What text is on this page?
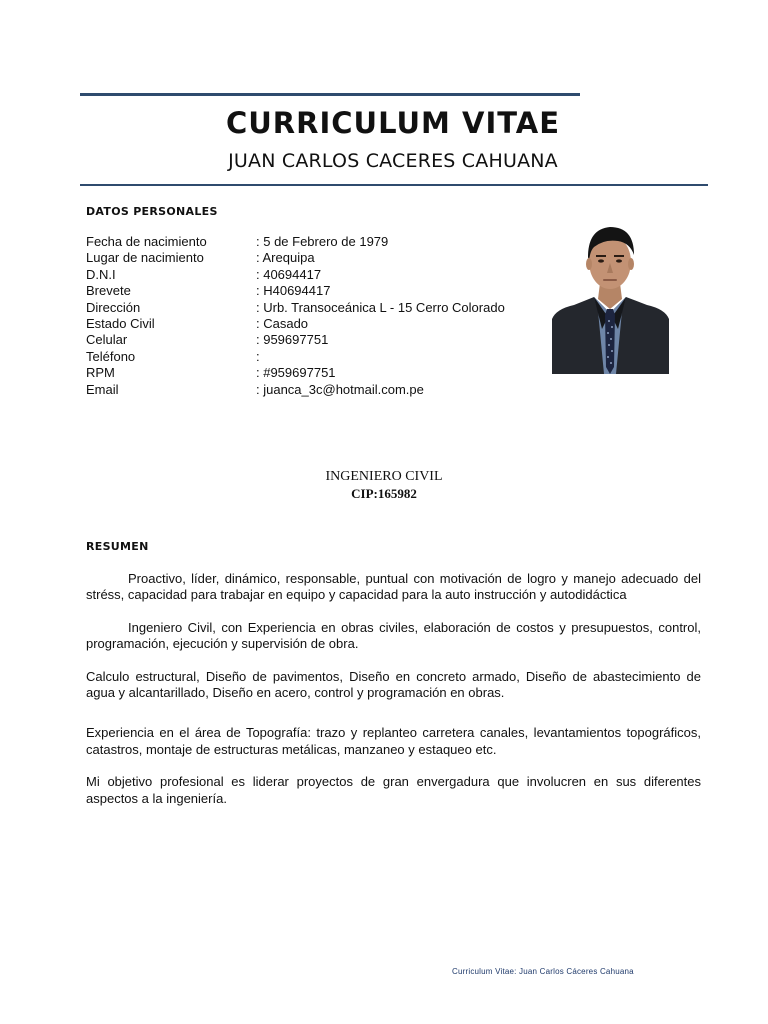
CURRICULUM VITAE
JUAN CARLOS CACERES CAHUANA
DATOS PERSONALES
Fecha de nacimiento	: 5 de Febrero de 1979
Lugar de nacimiento	: Arequipa
D.N.I	: 40694417
Brevete	: H40694417
Dirección	: Urb. Transoceánica L - 15 Cerro Colorado
Estado Civil	: Casado
Celular	: 959697751
Teléfono	:
RPM	: #959697751
Email	: juanca_3c@hotmail.com.pe
INGENIERO CIVIL
CIP:165982
RESUMEN

Proactivo, líder, dinámico, responsable, puntual con motivación de logro y manejo adecuado del stréss, capacidad para trabajar en equipo y capacidad para la auto instrucción y autodidáctica

Ingeniero Civil, con Experiencia en obras civiles, elaboración de costos y presupuestos, control, programación, ejecución y supervisión de obra.

Calculo estructural, Diseño de pavimentos, Diseño en concreto armado, Diseño de abastecimiento de agua y alcantarillado, Diseño en acero, control y programación en obras.

Experiencia en el área de Topografía: trazo y replanteo carretera canales, levantamientos topográficos, catastros, montaje de estructuras metálicas, manzaneo y estaqueo etc.

Mi objetivo profesional es liderar proyectos de gran envergadura que involucren en sus diferentes aspectos a la ingeniería.

Curriculum Vitae: Juan Carlos Cáceres Cahuana
